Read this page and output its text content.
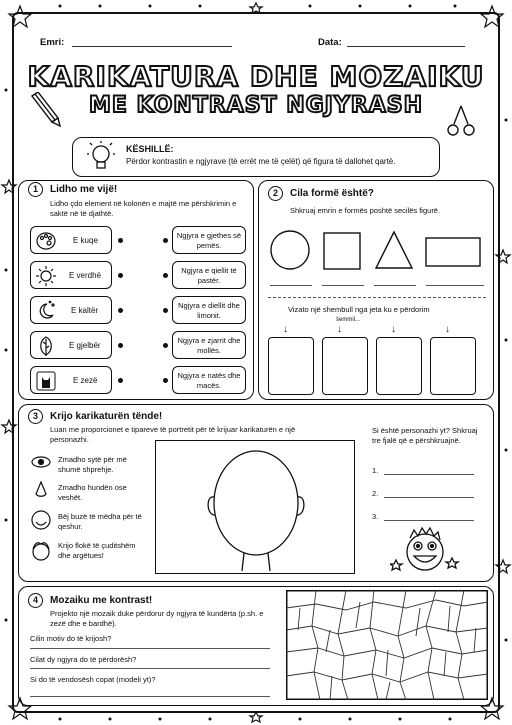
Emri:	Data:
KARIKATURA DHE MOZAIKU
ME KONTRAST NGJYRASH
KËSHILLË:
Përdor kontrastin e ngjyrave (të errët me të çelët) që figura të dallohet qartë.
1	Lidho me vijë!
Lidho çdo element në kolonën e majtë me përshkrimin e saktë në të djathtë.
E kuqe
E verdhë
E kaltër
E gjelbër
E zezë
Ngjyra e gjethes së pemës.
Ngjyra e qiellit të pastër.
Ngjyra e diellit dhe limonit.
Ngjyra e zjarrit dhe mollës.
Ngjyra e natës dhe macës.
2	Cila formë është?
Shkruaj emrin e formës poshtë secilës figurë.
Vizato një shembull nga jeta ku e përdorim
šemmil...
↓	↓	↓	↓
3	Krijo karikaturën tënde!
Luan me proporcionet e tipareve të portretit për të krijuar karikaturën e një personazhi.
Zmadho sytë për më shumë shprehje.
Zmadho hundën ose veshët.
Bëj buzë të mëdha për të qeshur.
Krijo flokë të çuditshëm dhe argëtues!
Si është personazhi yt? Shkruaj tre fjalë që e përshkruajnë.
1.
2.
3.
4	Mozaiku me kontrast!
Projekto një mozaik duke përdorur dy ngjyra të kundërta (p.sh. e zezë dhe e bardhë).
Cilin motiv do të krijosh?
Cilat dy ngjyra do të përdorësh?
Si do të vendosësh copat (modeli yt)?
